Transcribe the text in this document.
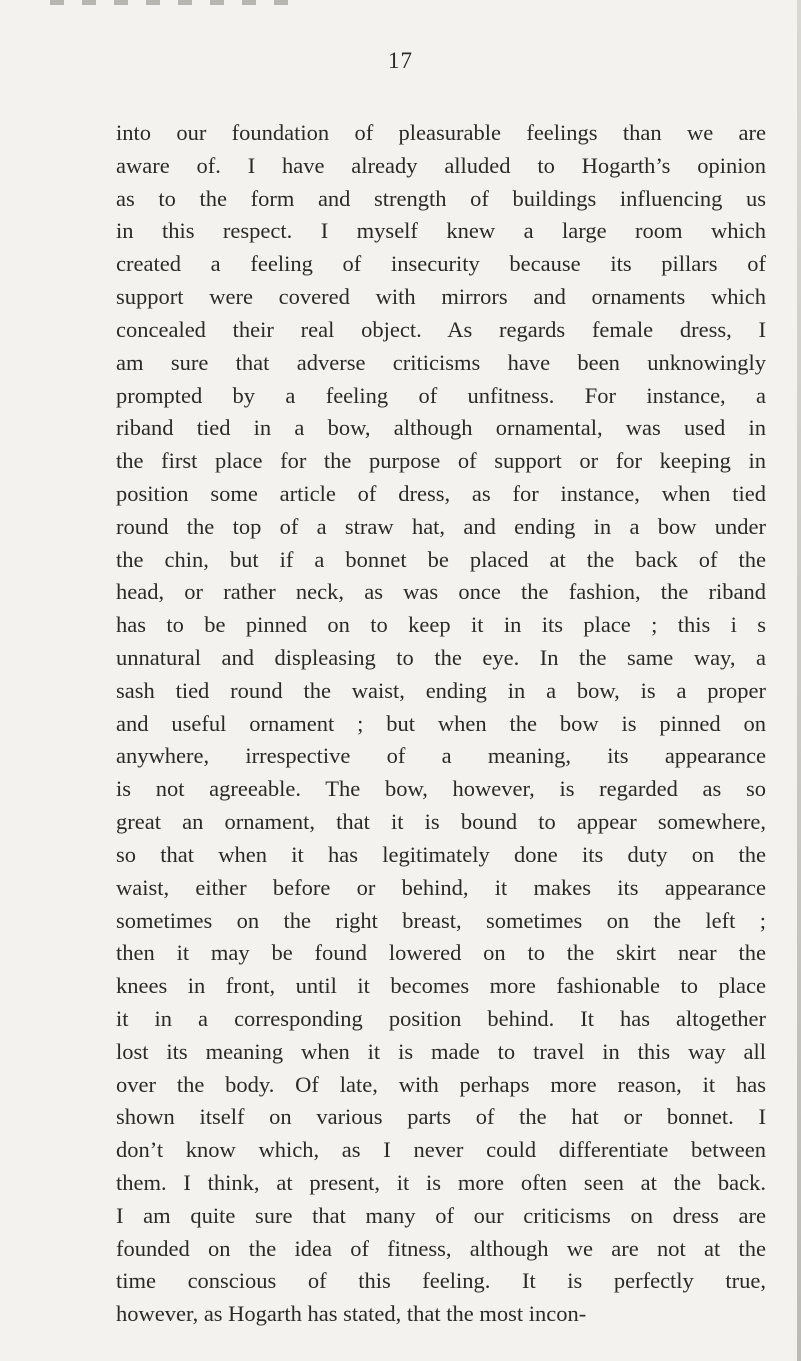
17

into our foundation of pleasurable feelings than we are
aware of. I have already alluded to Hogarth’s opinion
as to the form and strength of buildings influencing us
in this respect. I myself knew a large room which
created a feeling of insecurity because its pillars of
support were covered with mirrors and ornaments which
concealed their real object. As regards female dress, I
am sure that adverse criticisms have been unknowingly
prompted by a feeling of unfitness. For instance, a
riband tied in a bow, although ornamental, was used in
the first place for the purpose of support or for keeping in
position some article of dress, as for instance, when tied
round the top of a straw hat, and ending in a bow under
the chin, but if a bonnet be placed at the back of the
head, or rather neck, as was once the fashion, the riband
has to be pinned on to keep it in its place ; this i s
unnatural and displeasing to the eye. In the same way, a
sash tied round the waist, ending in a bow, is a proper
and useful ornament ; but when the bow is pinned on
anywhere, irrespective of a meaning, its appearance
is not agreeable. The bow, however, is regarded as so
great an ornament, that it is bound to appear somewhere,
so that when it has legitimately done its duty on the
waist, either before or behind, it makes its appearance
sometimes on the right breast, sometimes on the left ;
then it may be found lowered on to the skirt near the
knees in front, until it becomes more fashionable to place
it in a corresponding position behind. It has altogether
lost its meaning when it is made to travel in this way all
over the body. Of late, with perhaps more reason, it has
shown itself on various parts of the hat or bonnet. I
don’t know which, as I never could differentiate between
them. I think, at present, it is more often seen at the back.
I am quite sure that many of our criticisms on dress are
founded on the idea of fitness, although we are not at the
time conscious of this feeling. It is perfectly true,
however, as Hogarth has stated, that the most incon-
